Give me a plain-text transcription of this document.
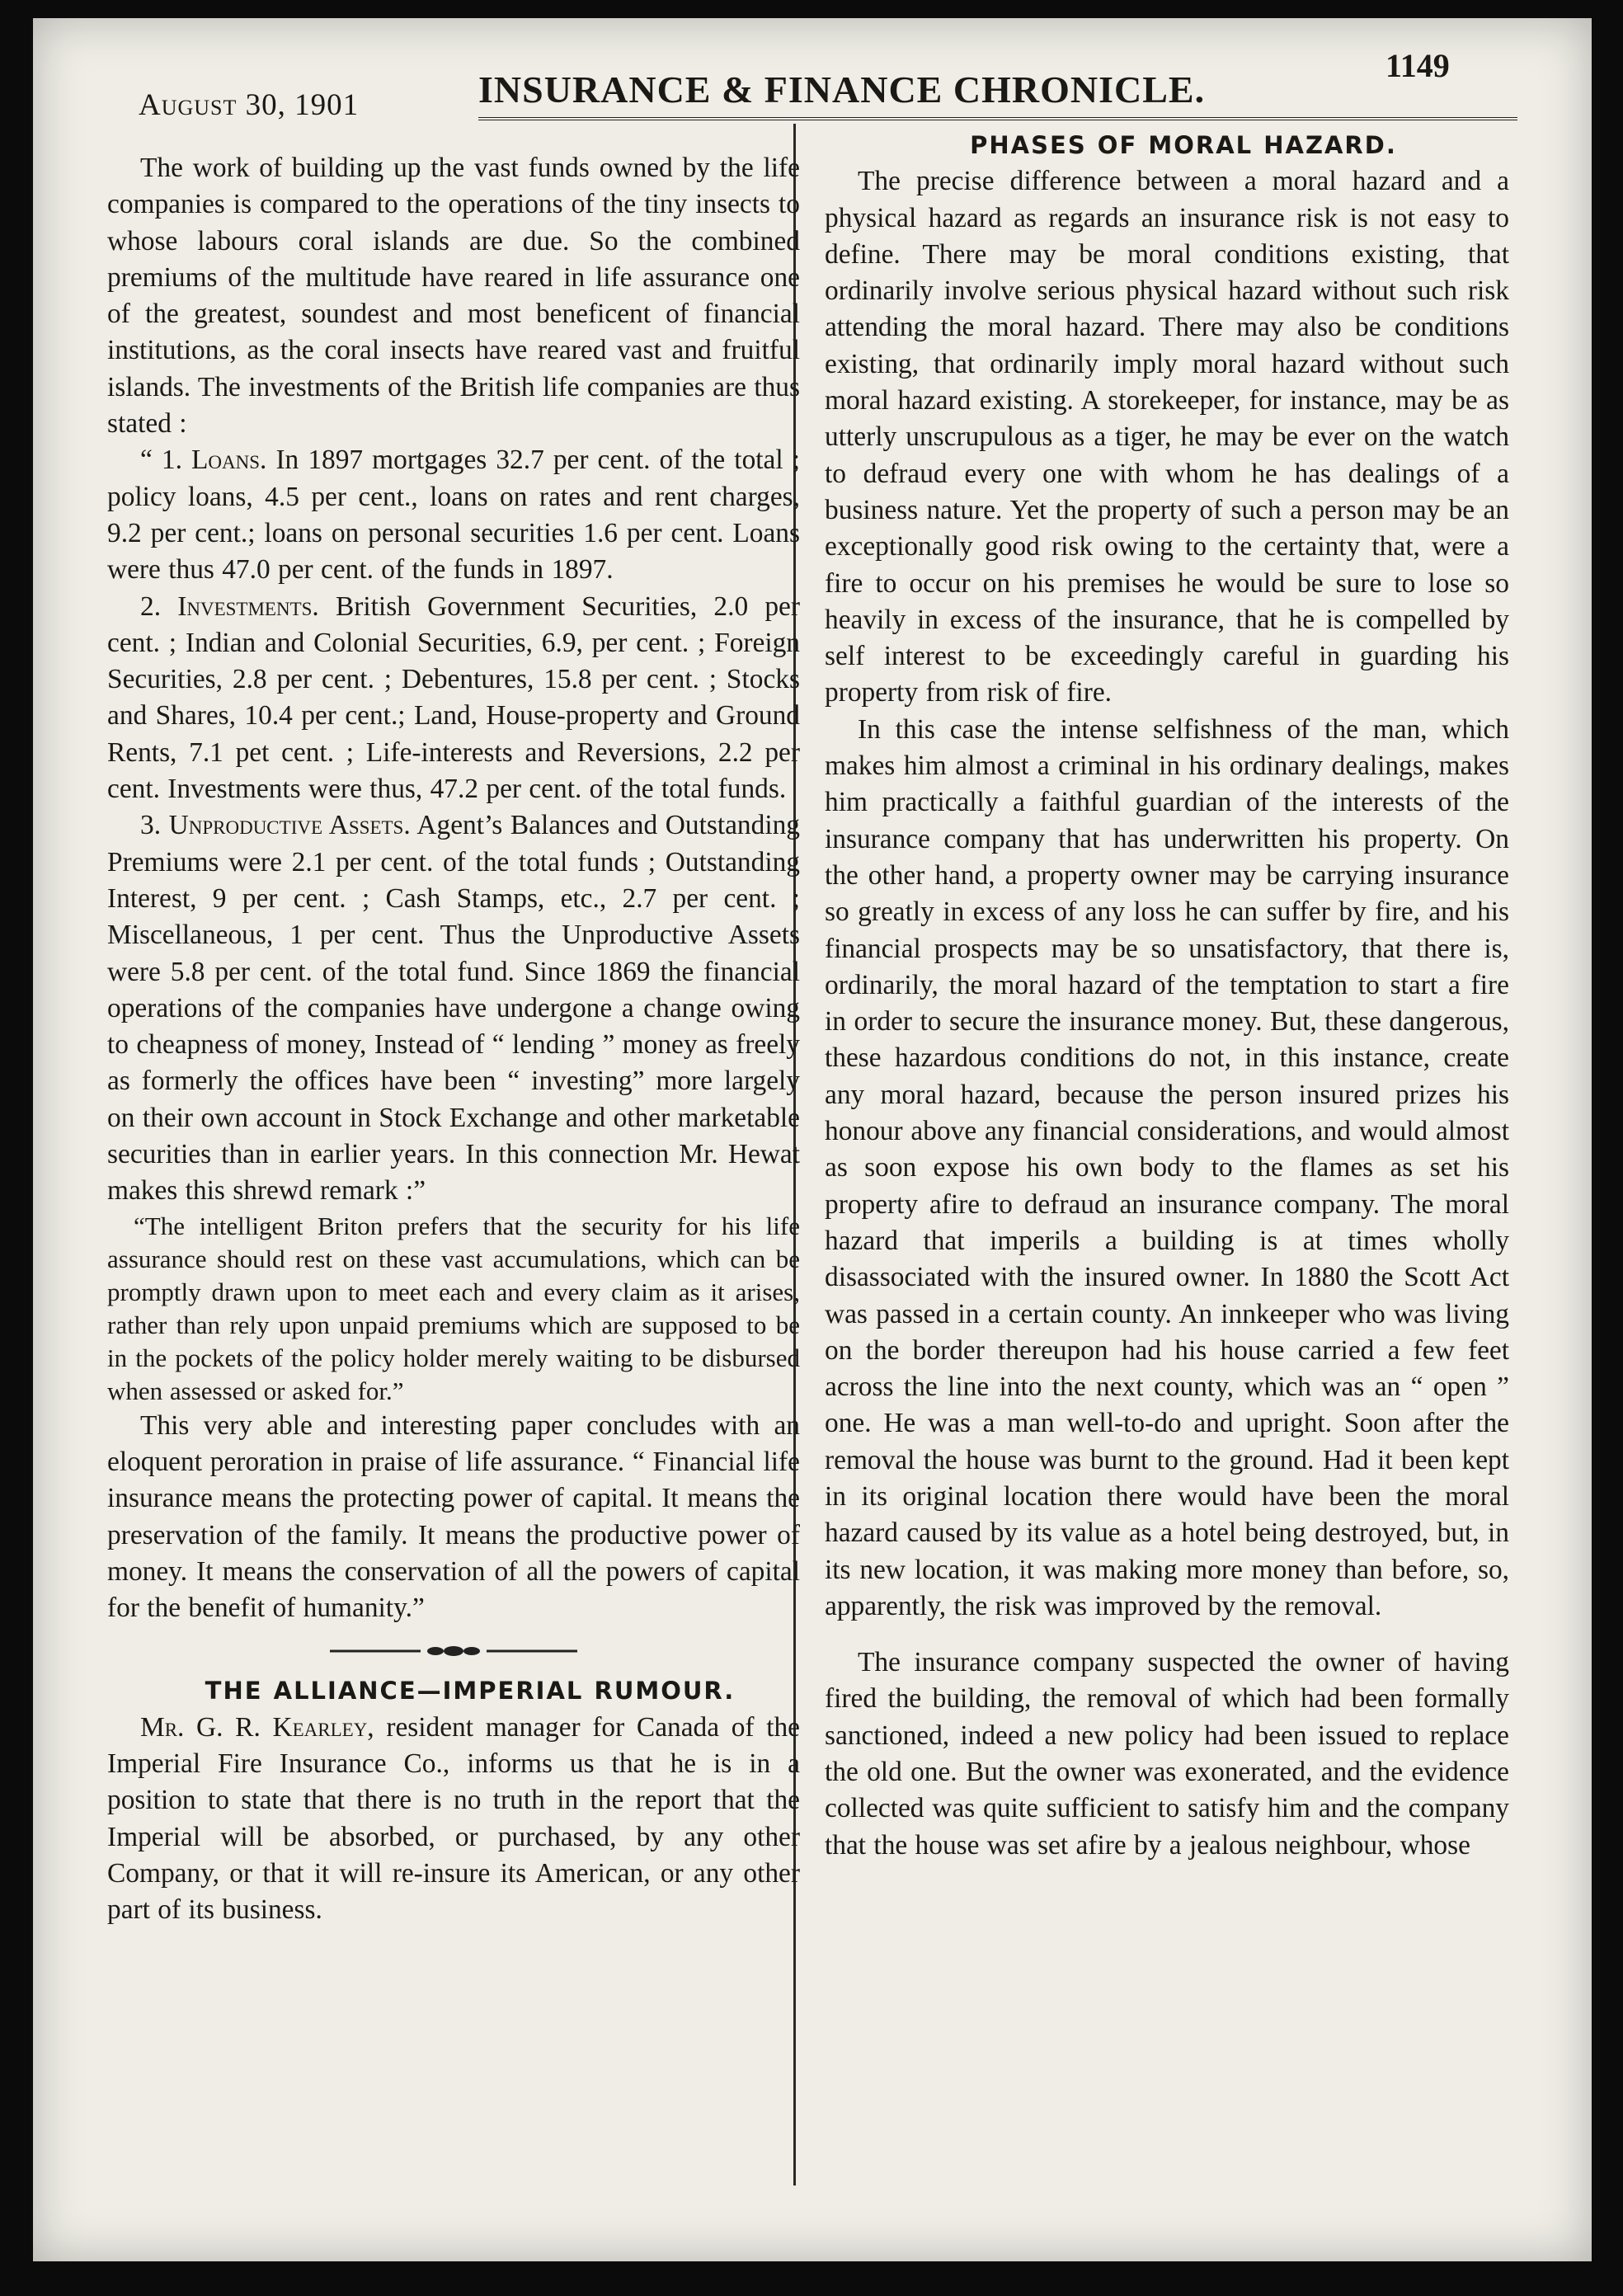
August 30, 1901	INSURANCE & FINANCE CHRONICLE.
1149

The work of building up the vast funds owned by the life companies is compared to the operations of the tiny insects to whose labours coral islands are due. So the combined premiums of the multitude have reared in life assurance one of the greatest, soundest and most beneficent of financial institutions, as the coral insects have reared vast and fruitful islands. The investments of the British life companies are thus stated :

“ 1. Loans. In 1897 mortgages 32.7 per cent. of the total ; policy loans, 4.5 per cent., loans on rates and rent charges, 9.2 per cent.; loans on personal securities 1.6 per cent. Loans were thus 47.0 per cent. of the funds in 1897.

2. Investments. British Government Securities, 2.0 per cent. ; Indian and Colonial Securities, 6.9, per cent. ; Foreign Securities, 2.8 per cent. ; Debentures, 15.8 per cent. ; Stocks and Shares, 10.4 per cent.; Land, House-property and Ground Rents, 7.1 pet cent. ; Life-interests and Reversions, 2.2 per cent. Investments were thus, 47.2 per cent. of the total funds.

3. Unproductive Assets. Agent’s Balances and Outstanding Premiums were 2.1 per cent. of the total funds ; Outstanding Interest, 9 per cent. ; Cash Stamps, etc., 2.7 per cent. ; Miscellaneous, 1 per cent. Thus the Unproductive Assets were 5.8 per cent. of the total fund. Since 1869 the financial operations of the companies have undergone a change owing to cheapness of money, Instead of “ lending ” money as freely as formerly the offices have been “ investing” more largely on their own account in Stock Exchange and other marketable securities than in earlier years. In this connection Mr. Hewat makes this shrewd remark :”

“The intelligent Briton prefers that the security for his life assurance should rest on these vast accumulations, which can be promptly drawn upon to meet each and every claim as it arises, rather than rely upon unpaid premiums which are supposed to be in the pockets of the policy holder merely waiting to be disbursed when assessed or asked for.”

This very able and interesting paper concludes with an eloquent peroration in praise of life assurance. “ Financial life insurance means the protecting power of capital. It means the preservation of the family. It means the productive power of money. It means the conservation of all the powers of capital for the benefit of humanity.”

THE ALLIANCE—IMPERIAL RUMOUR.

Mr. G. R. Kearley, resident manager for Canada of the Imperial Fire Insurance Co., informs us that he is in a position to state that there is no truth in the report that the Imperial will be absorbed, or purchased, by any other Company, or that it will re-insure its American, or any other part of its business.

PHASES OF MORAL HAZARD.

The precise difference between a moral hazard and a physical hazard as regards an insurance risk is not easy to define. There may be moral conditions existing, that ordinarily involve serious physical hazard without such risk attending the moral hazard. There may also be conditions existing, that ordinarily imply moral hazard without such moral hazard existing. A storekeeper, for instance, may be as utterly unscrupulous as a tiger, he may be ever on the watch to defraud every one with whom he has dealings of a business nature. Yet the property of such a person may be an exceptionally good risk owing to the certainty that, were a fire to occur on his premises he would be sure to lose so heavily in excess of the insurance, that he is compelled by self interest to be exceedingly careful in guarding his property from risk of fire.

In this case the intense selfishness of the man, which makes him almost a criminal in his ordinary dealings, makes him practically a faithful guardian of the interests of the insurance company that has underwritten his property. On the other hand, a property owner may be carrying insurance so greatly in excess of any loss he can suffer by fire, and his financial prospects may be so unsatisfactory, that there is, ordinarily, the moral hazard of the temptation to start a fire in order to secure the insurance money. But, these dangerous, these hazardous conditions do not, in this instance, create any moral hazard, because the person insured prizes his honour above any financial considerations, and would almost as soon expose his own body to the flames as set his property afire to defraud an insurance company. The moral hazard that imperils a building is at times wholly disassociated with the insured owner. In 1880 the Scott Act was passed in a certain county. An innkeeper who was living on the border thereupon had his house carried a few feet across the line into the next county, which was an “ open ” one. He was a man well-to-do and upright. Soon after the removal the house was burnt to the ground. Had it been kept in its original location there would have been the moral hazard caused by its value as a hotel being destroyed, but, in its new location, it was making more money than before, so, apparently, the risk was improved by the removal.

The insurance company suspected the owner of having fired the building, the removal of which had been formally sanctioned, indeed a new policy had been issued to replace the old one. But the owner was exonerated, and the evidence collected was quite sufficient to satisfy him and the company that the house was set afire by a jealous neighbour, whose
